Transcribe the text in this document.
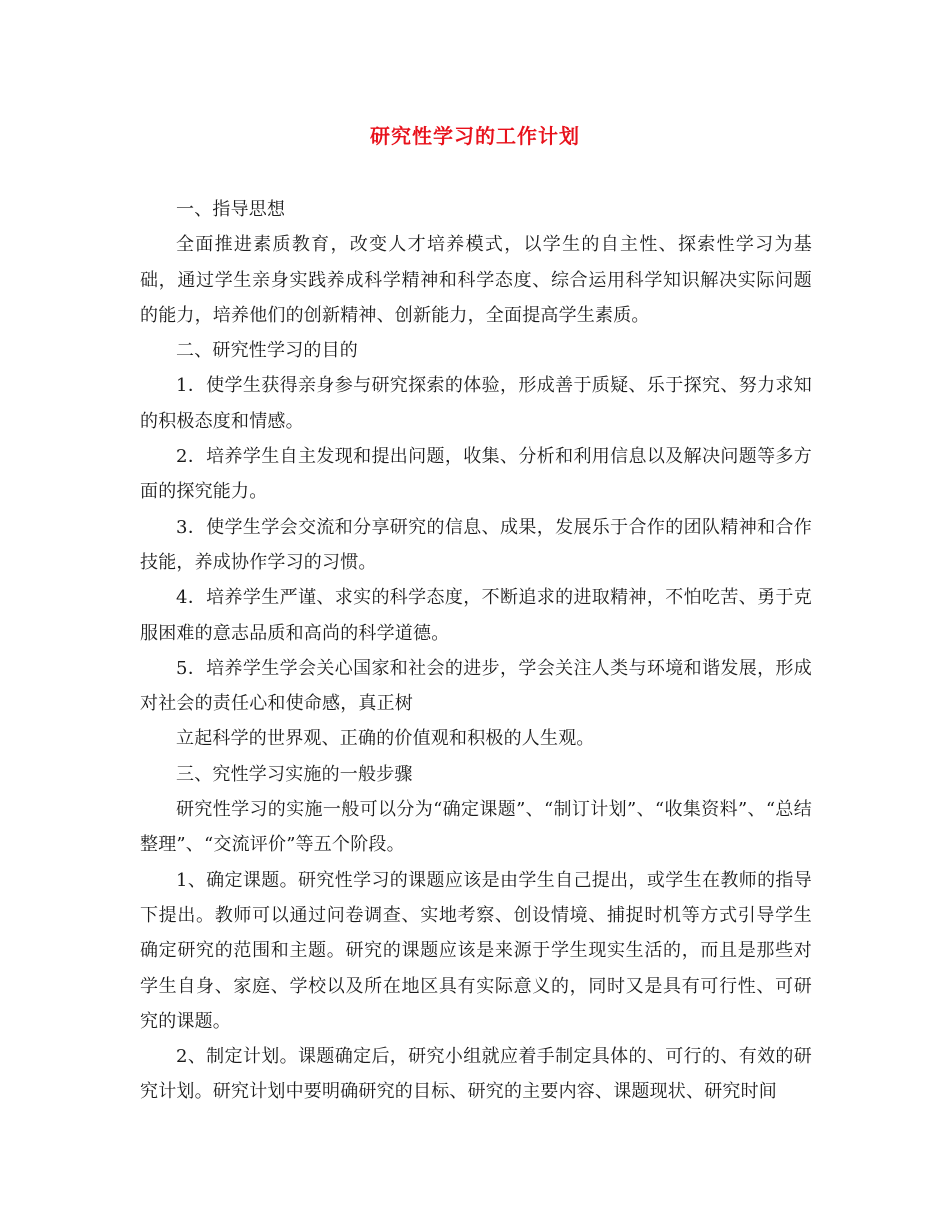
研究性学习的工作计划

一、指导思想

全面推进素质教育，改变人才培养模式，以学生的自主性、探索性学习为基础，通过学生亲身实践养成科学精神和科学态度、综合运用科学知识解决实际问题的能力，培养他们的创新精神、创新能力，全面提高学生素质。

二、研究性学习的目的

1．使学生获得亲身参与研究探索的体验，形成善于质疑、乐于探究、努力求知的积极态度和情感。

2．培养学生自主发现和提出问题，收集、分析和利用信息以及解决问题等多方面的探究能力。

3．使学生学会交流和分享研究的信息、成果，发展乐于合作的团队精神和合作技能，养成协作学习的习惯。

4．培养学生严谨、求实的科学态度，不断追求的进取精神，不怕吃苦、勇于克服困难的意志品质和高尚的科学道德。

5．培养学生学会关心国家和社会的进步，学会关注人类与环境和谐发展，形成对社会的责任心和使命感，真正树

立起科学的世界观、正确的价值观和积极的人生观。

三、究性学习实施的一般步骤

研究性学习的实施一般可以分为“确定课题”、“制订计划”、“收集资料”、“总结整理”、“交流评价”等五个阶段。

1、确定课题。研究性学习的课题应该是由学生自己提出，或学生在教师的指导下提出。教师可以通过问卷调查、实地考察、创设情境、捕捉时机等方式引导学生确定研究的范围和主题。研究的课题应该是来源于学生现实生活的，而且是那些对学生自身、家庭、学校以及所在地区具有实际意义的，同时又是具有可行性、可研究的课题。

2、制定计划。课题确定后，研究小组就应着手制定具体的、可行的、有效的研究计划。研究计划中要明确研究的目标、研究的主要内容、课题现状、研究时间
